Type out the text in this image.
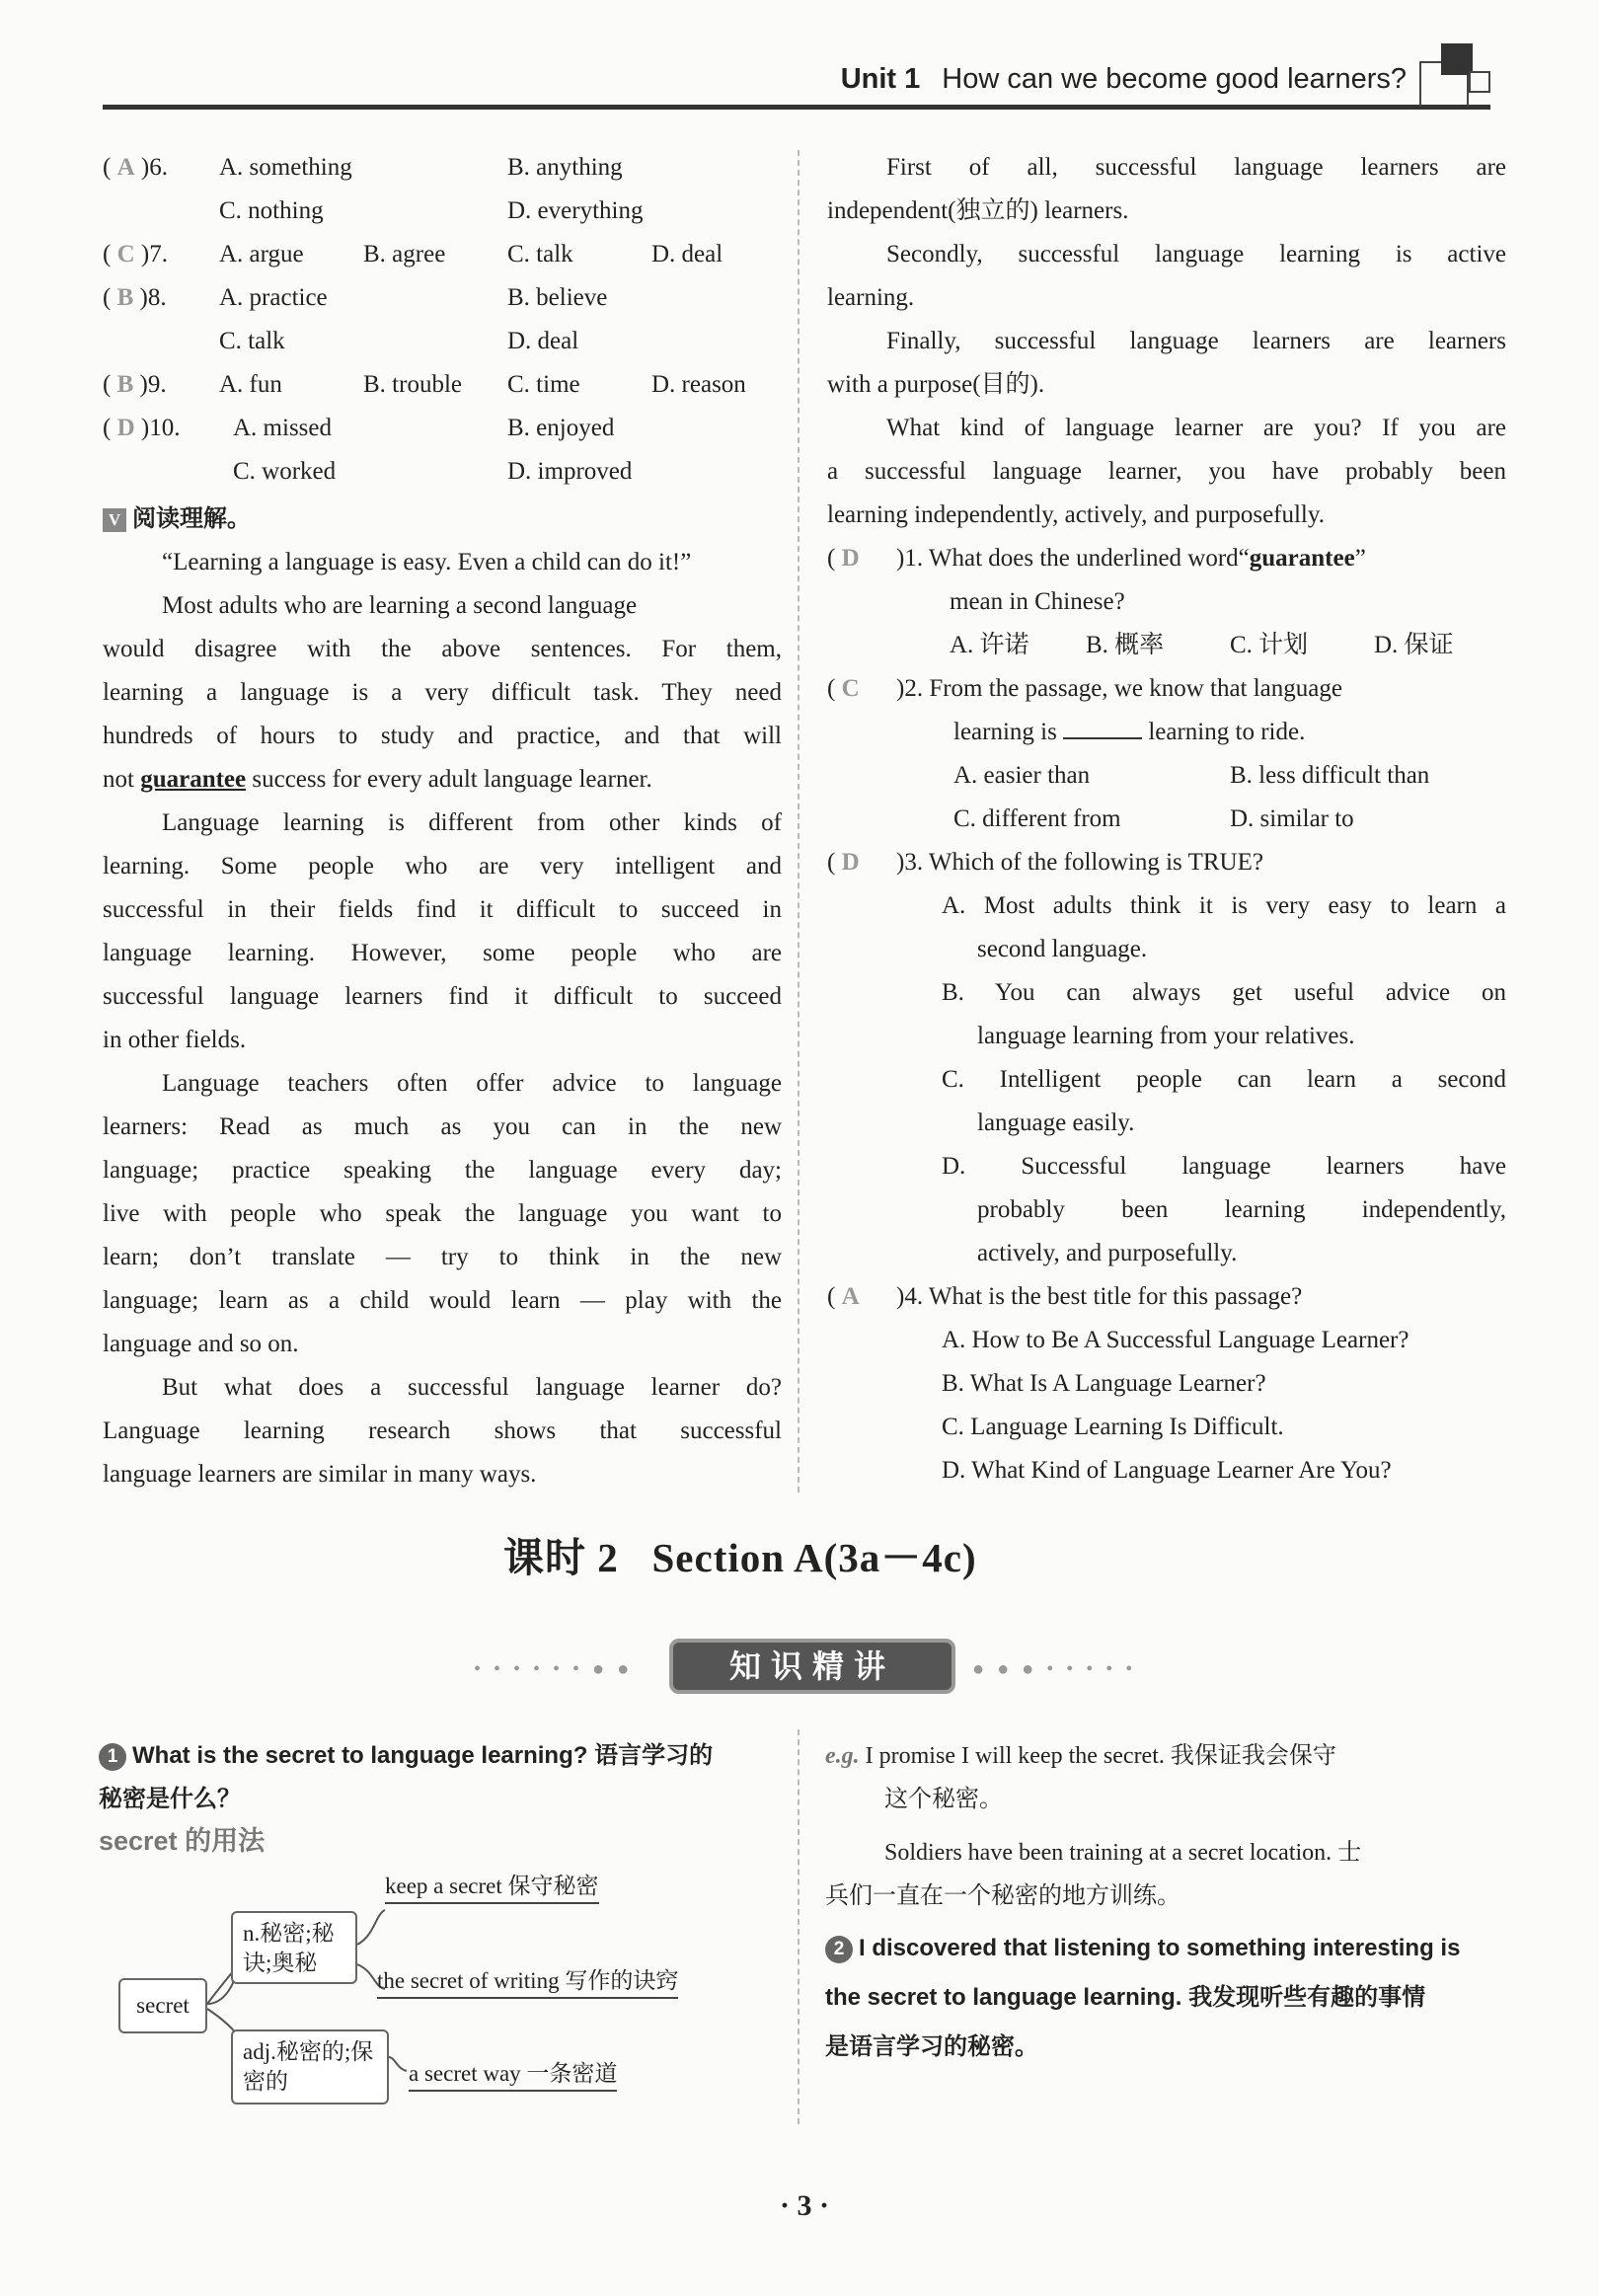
Unit 1 How can we become good learners?
( A )6. A. something	B. anything
C. nothing	D. everything
( C )7. A. argue B. agree	C. talk	D. deal
( B )8. A. practice	B. believe
C. talk	D. deal
( B )9. A. fun	B. trouble C. time	D. reason
( D )10. A. missed	B. enjoyed
C. worked	D. improved
V 阅读理解。
“Learning a language is easy. Even a child can do it!”
Most adults who are learning a second language
would disagree with the above sentences. For them,
learning a language is a very difficult task. They need
hundreds of hours to study and practice, and that will
not guarantee success for every adult language learner.
Language learning is different from other kinds of
learning. Some people who are very intelligent and
successful in their fields find it difficult to succeed in
language learning. However, some people who are
successful language learners find it difficult to succeed
in other fields.
Language teachers often offer advice to language
learners: Read as much as you can in the new
language; practice speaking the language every day;
live with people who speak the language you want to
learn; don’t translate — try to think in the new
language; learn as a child would learn — play with the
language and so on.
But what does a successful language learner do?
Language learning research shows that successful
language learners are similar in many ways.
First of all, successful language learners are
independent(独立的) learners.
Secondly, successful language learning is active
learning.
Finally, successful language learners are learners
with a purpose(目的).
What kind of language learner are you? If you are
a successful language learner, you have probably been
learning independently, actively, and purposefully.
( D )1. What does the underlined word“guarantee”
mean in Chinese?
A. 许诺 B. 概率	C. 计划	D. 保证
( C )2. From the passage, we know that language
learning is	learning to ride.
A. easier than	B. less difficult than
C. different from	D. similar to
( D )3. Which of the following is TRUE?
A. Most adults think it is very easy to learn a
second language.
B. You can always get useful advice on
language learning from your relatives.
C. Intelligent people can learn a second
language easily.
D. Successful language learners have
probably been learning independently,
actively, and purposefully.
( A )4. What is the best title for this passage?
A. How to Be A Successful Language Learner?
B. What Is A Language Learner?
C. Language Learning Is Difficult.
D. What Kind of Language Learner Are You?
课时 2   Section A(3a－4c)
• • • • • • ● ●	知识精讲	● ● ● • • • • •
1 What is the secret to language learning? 语言学习的
秘密是什么？
secret 的用法
secret
n.秘密;秘诀;奥秘
adj.秘密的;保密的
keep a secret 保守秘密
the secret of writing 写作的诀窍
a secret way 一条密道
e.g. I promise I will keep the secret. 我保证我会保守
这个秘密。
Soldiers have been training at a secret location. 士
兵们一直在一个秘密的地方训练。
2 I discovered that listening to something interesting is
the secret to language learning. 我发现听些有趣的事情
是语言学习的秘密。
· 3 ·
